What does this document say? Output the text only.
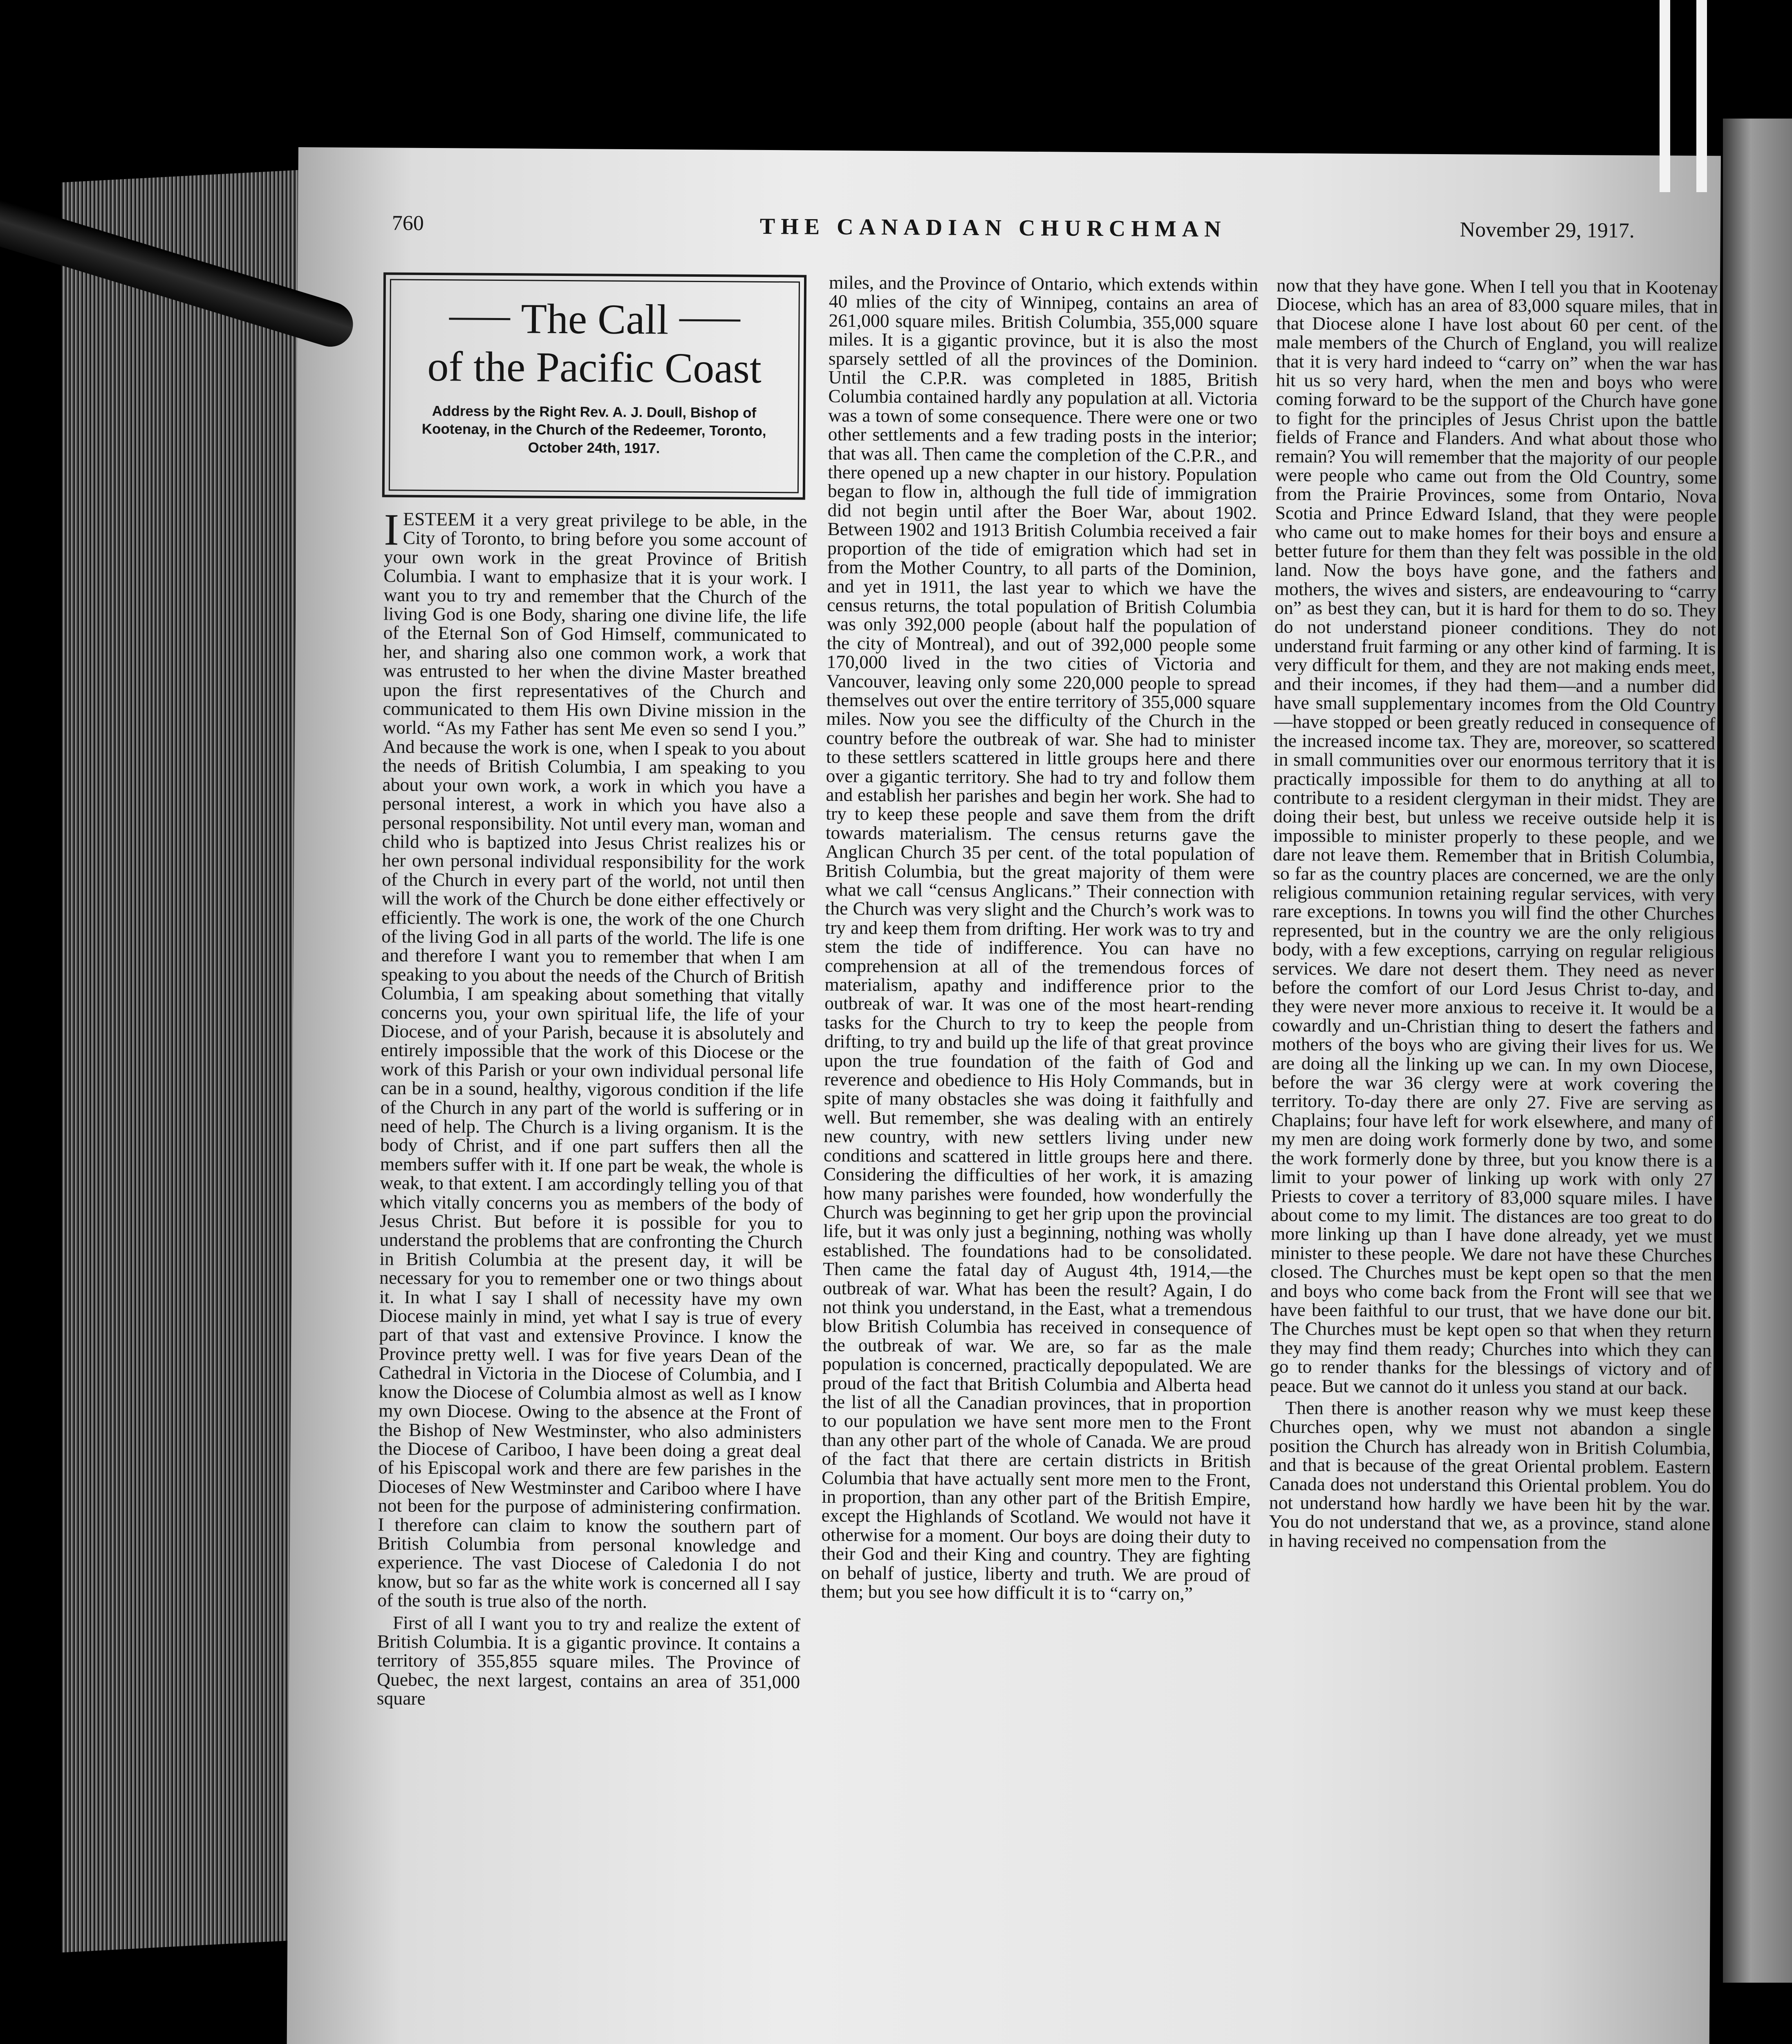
760	THE CANADIAN CHURCHMAN	November 29, 1917.
The Call
of the Pacific Coast
Address by the Right Rev. A. J. Doull, Bishop of Kootenay, in the Church of the Redeemer, Toronto, October 24th, 1917.

IESTEEM it a very great privilege to be able, in the City of Toronto, to bring before you some account of your own work in the great Province of British Columbia. I want to emphasize that it is your work. I want you to try and remember that the Church of the living God is one Body, sharing one divine life, the life of the Eternal Son of God Himself, communicated to her, and sharing also one common work, a work that was entrusted to her when the divine Master breathed upon the first representatives of the Church and communicated to them His own Divine mission in the world. “As my Father has sent Me even so send I you.” And because the work is one, when I speak to you about the needs of British Columbia, I am speaking to you about your own work, a work in which you have a personal interest, a work in which you have also a personal responsibility. Not until every man, woman and child who is baptized into Jesus Christ realizes his or her own personal individual responsibility for the work of the Church in every part of the world, not until then will the work of the Church be done either effectively or efficiently. The work is one, the work of the one Church of the living God in all parts of the world. The life is one and therefore I want you to remember that when I am speaking to you about the needs of the Church of British Columbia, I am speaking about something that vitally concerns you, your own spiritual life, the life of your Diocese, and of your Parish, because it is absolutely and entirely impossible that the work of this Diocese or the work of this Parish or your own individual personal life can be in a sound, healthy, vigorous condition if the life of the Church in any part of the world is suffering or in need of help. The Church is a living organism. It is the body of Christ, and if one part suffers then all the members suffer with it. If one part be weak, the whole is weak, to that extent. I am accordingly telling you of that which vitally concerns you as members of the body of Jesus Christ. But before it is possible for you to understand the problems that are confronting the Church in British Columbia at the present day, it will be necessary for you to remember one or two things about it. In what I say I shall of necessity have my own Diocese mainly in mind, yet what I say is true of every part of that vast and extensive Province. I know the Province pretty well. I was for five years Dean of the Cathedral in Victoria in the Diocese of Columbia, and I know the Diocese of Columbia almost as well as I know my own Diocese. Owing to the absence at the Front of the Bishop of New Westminster, who also administers the Diocese of Cariboo, I have been doing a great deal of his Episcopal work and there are few parishes in the Dioceses of New Westminster and Cariboo where I have not been for the purpose of administering confirmation. I therefore can claim to know the southern part of British Columbia from personal knowledge and experience. The vast Diocese of Caledonia I do not know, but so far as the white work is concerned all I say of the south is true also of the north.

First of all I want you to try and realize the extent of British Columbia. It is a gigantic province. It contains a territory of 355,855 square miles. The Province of Quebec, the next largest, contains an area of 351,000 square

miles, and the Province of Ontario, which extends within 40 mlies of the city of Winnipeg, contains an area of 261,000 square miles. British Columbia, 355,000 square miles. It is a gigantic province, but it is also the most sparsely settled of all the provinces of the Dominion. Until the C.P.R. was completed in 1885, British Columbia contained hardly any population at all. Victoria was a town of some consequence. There were one or two other settlements and a few trading posts in the interior; that was all. Then came the completion of the C.P.R., and there opened up a new chapter in our history. Population began to flow in, although the full tide of immigration did not begin until after the Boer War, about 1902. Between 1902 and 1913 British Columbia received a fair proportion of the tide of emigration which had set in from the Mother Country, to all parts of the Dominion, and yet in 1911, the last year to which we have the census returns, the total population of British Columbia was only 392,000 people (about half the population of the city of Montreal), and out of 392,000 people some 170,000 lived in the two cities of Victoria and Vancouver, leaving only some 220,000 people to spread themselves out over the entire territory of 355,000 square miles. Now you see the difficulty of the Church in the country before the outbreak of war. She had to minister to these settlers scattered in little groups here and there over a gigantic territory. She had to try and follow them and establish her parishes and begin her work. She had to try to keep these people and save them from the drift towards materialism. The census returns gave the Anglican Church 35 per cent. of the total population of British Columbia, but the great majority of them were what we call “census Anglicans.” Their connection with the Church was very slight and the Church’s work was to try and keep them from drifting. Her work was to try and stem the tide of indifference. You can have no comprehension at all of the tremendous forces of materialism, apathy and indifference prior to the outbreak of war. It was one of the most heart-rending tasks for the Church to try to keep the people from drifting, to try and build up the life of that great province upon the true foundation of the faith of God and reverence and obedience to His Holy Commands, but in spite of many obstacles she was doing it faithfully and well. But remember, she was dealing with an entirely new country, with new settlers living under new conditions and scattered in little groups here and there. Considering the difficulties of her work, it is amazing how many parishes were founded, how wonderfully the Church was beginning to get her grip upon the provincial life, but it was only just a beginning, nothing was wholly established. The foundations had to be consolidated. Then came the fatal day of August 4th, 1914,—the outbreak of war. What has been the result? Again, I do not think you understand, in the East, what a tremendous blow British Columbia has received in consequence of the outbreak of war. We are, so far as the male population is concerned, practically depopulated. We are proud of the fact that British Columbia and Alberta head the list of all the Canadian provinces, that in proportion to our population we have sent more men to the Front than any other part of the whole of Canada. We are proud of the fact that there are certain districts in British Columbia that have actually sent more men to the Front, in proportion, than any other part of the British Empire, except the Highlands of Scotland. We would not have it otherwise for a moment. Our boys are doing their duty to their God and their King and country. They are fighting on behalf of justice, liberty and truth. We are proud of them; but you see how difficult it is to “carry on,”

now that they have gone. When I tell you that in Kootenay Diocese, which has an area of 83,000 square miles, that in that Diocese alone I have lost about 60 per cent. of the male members of the Church of England, you will realize that it is very hard indeed to “carry on” when the war has hit us so very hard, when the men and boys who were coming forward to be the support of the Church have gone to fight for the principles of Jesus Christ upon the battle fields of France and Flanders. And what about those who remain? You will remember that the majority of our people were people who came out from the Old Country, some from the Prairie Provinces, some from Ontario, Nova Scotia and Prince Edward Island, that they were people who came out to make homes for their boys and ensure a better future for them than they felt was possible in the old land. Now the boys have gone, and the fathers and mothers, the wives and sisters, are endeavouring to “carry on” as best they can, but it is hard for them to do so. They do not understand pioneer conditions. They do not understand fruit farming or any other kind of farming. It is very difficult for them, and they are not making ends meet, and their incomes, if they had them—and a number did have small supplementary incomes from the Old Country—have stopped or been greatly reduced in consequence of the increased income tax. They are, moreover, so scattered in small communities over our enormous territory that it is practically impossible for them to do anything at all to contribute to a resident clergyman in their midst. They are doing their best, but unless we receive outside help it is impossible to minister properly to these people, and we dare not leave them. Remember that in British Columbia, so far as the country places are concerned, we are the only religious communion retaining regular services, with very rare exceptions. In towns you will find the other Churches represented, but in the country we are the only religious body, with a few exceptions, carrying on regular religious services. We dare not desert them. They need as never before the comfort of our Lord Jesus Christ to-day, and they were never more anxious to receive it. It would be a cowardly and un-Christian thing to desert the fathers and mothers of the boys who are giving their lives for us. We are doing all the linking up we can. In my own Diocese, before the war 36 clergy were at work covering the territory. To-day there are only 27. Five are serving as Chaplains; four have left for work elsewhere, and many of my men are doing work formerly done by two, and some the work formerly done by three, but you know there is a limit to your power of linking up work with only 27 Priests to cover a territory of 83,000 square miles. I have about come to my limit. The distances are too great to do more linking up than I have done already, yet we must minister to these people. We dare not have these Churches closed. The Churches must be kept open so that the men and boys who come back from the Front will see that we have been faithful to our trust, that we have done our bit. The Churches must be kept open so that when they return they may find them ready; Churches into which they can go to render thanks for the blessings of victory and of peace. But we cannot do it unless you stand at our back.

Then there is another reason why we must keep these Churches open, why we must not abandon a single position the Church has already won in British Columbia, and that is because of the great Oriental problem. Eastern Canada does not understand this Oriental problem. You do not understand how hardly we have been hit by the war. You do not understand that we, as a province, stand alone in having received no compensation from the
